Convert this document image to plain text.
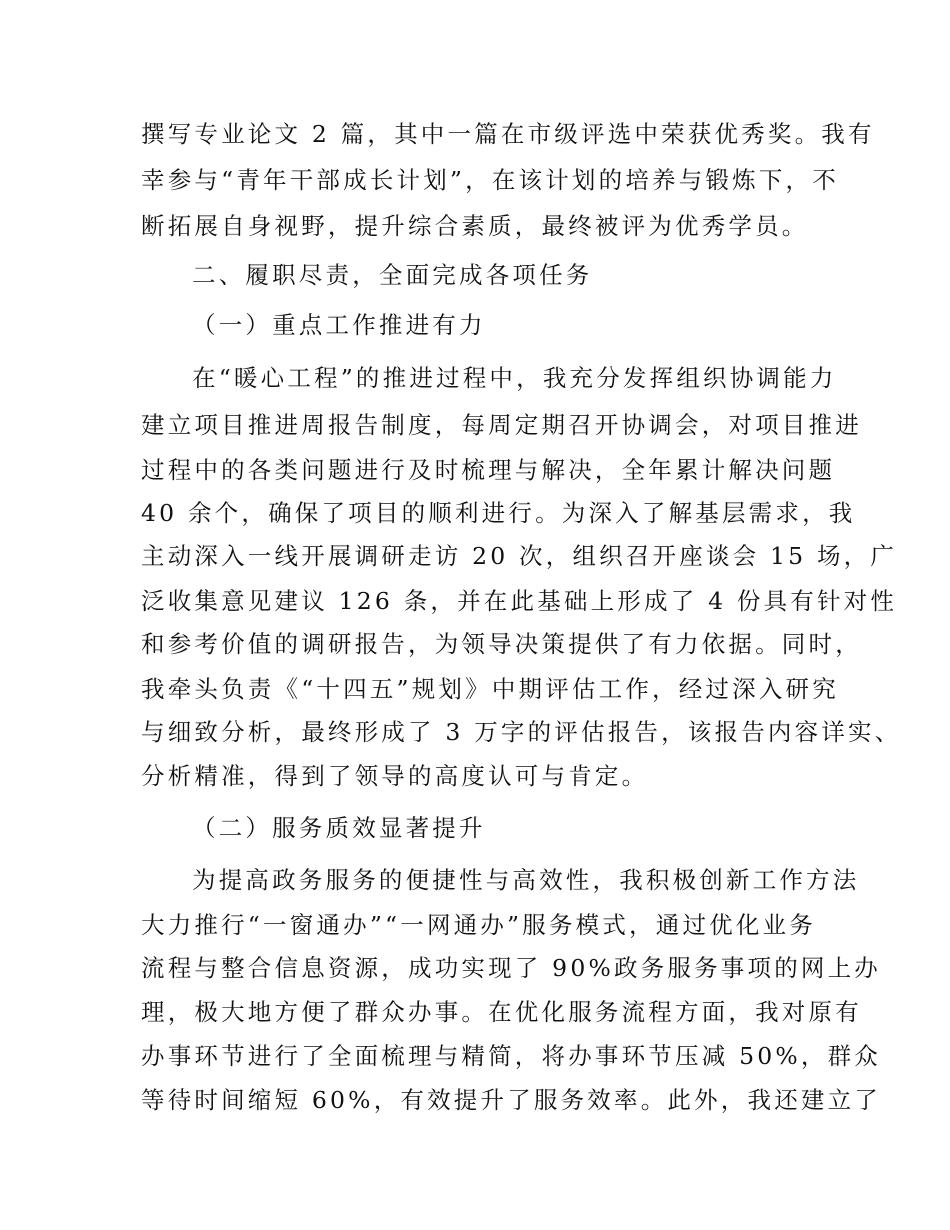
撰写专业论文 2 篇，其中一篇在市级评选中荣获优秀奖。我有

幸参与“青年干部成长计划”，在该计划的培养与锻炼下，不

断拓展自身视野，提升综合素质，最终被评为优秀学员。

二、履职尽责，全面完成各项任务

（一）重点工作推进有力

在“暖心工程”的推进过程中，我充分发挥组织协调能力

建立项目推进周报告制度，每周定期召开协调会，对项目推进

过程中的各类问题进行及时梳理与解决，全年累计解决问题

40 余个，确保了项目的顺利进行。为深入了解基层需求，我

主动深入一线开展调研走访 20 次，组织召开座谈会 15 场，广

泛收集意见建议 126 条，并在此基础上形成了 4 份具有针对性

和参考价值的调研报告，为领导决策提供了有力依据。同时，

我牵头负责《“十四五”规划》中期评估工作，经过深入研究

与细致分析，最终形成了 3 万字的评估报告，该报告内容详实、

分析精准，得到了领导的高度认可与肯定。

（二）服务质效显著提升

为提高政务服务的便捷性与高效性，我积极创新工作方法

大力推行“一窗通办”“一网通办”服务模式，通过优化业务

流程与整合信息资源，成功实现了 90%政务服务事项的网上办

理，极大地方便了群众办事。在优化服务流程方面，我对原有

办事环节进行了全面梳理与精简，将办事环节压减 50%，群众

等待时间缩短 60%，有效提升了服务效率。此外，我还建立了
